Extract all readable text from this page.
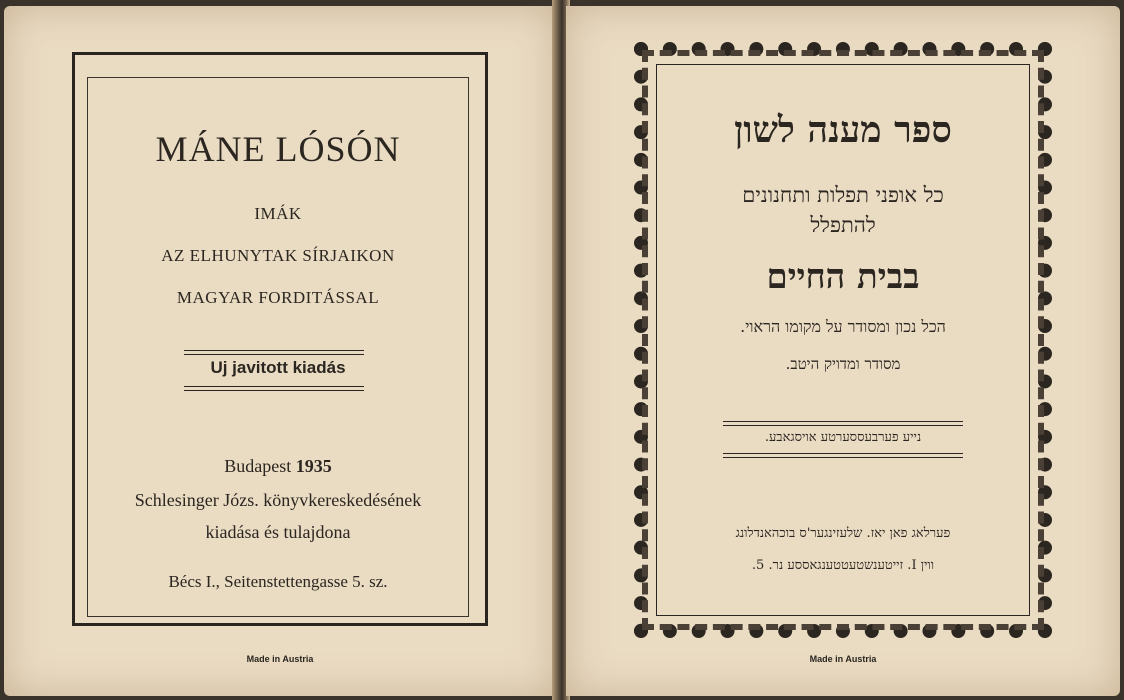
MÁNE LÓSÓN
IMÁK
AZ ELHUNYTAK SÍRJAIKON
MAGYAR FORDITÁSSAL
Uj javitott kiadás
Budapest 1935
Schlesinger Józs. könyvkereskedésének
kiadása és tulajdona
Bécs I., Seitenstettengasse 5. sz.
Made in Austria
ספר מענה לשון
כל אופני תפלות ותחנונים
להתפלל
בבית החיים
הכל נכון ומסודר על מקומו הראוי.
מסודר ומדויק היטב.
נייע פערבעססערטע אויסגאבע.
פערלאג פאן יאז. שלעזינגער'ס בוכהאנדלונג
ווין I. זייטענשטעטטענגאססע נר. 5.
Made in Austria
